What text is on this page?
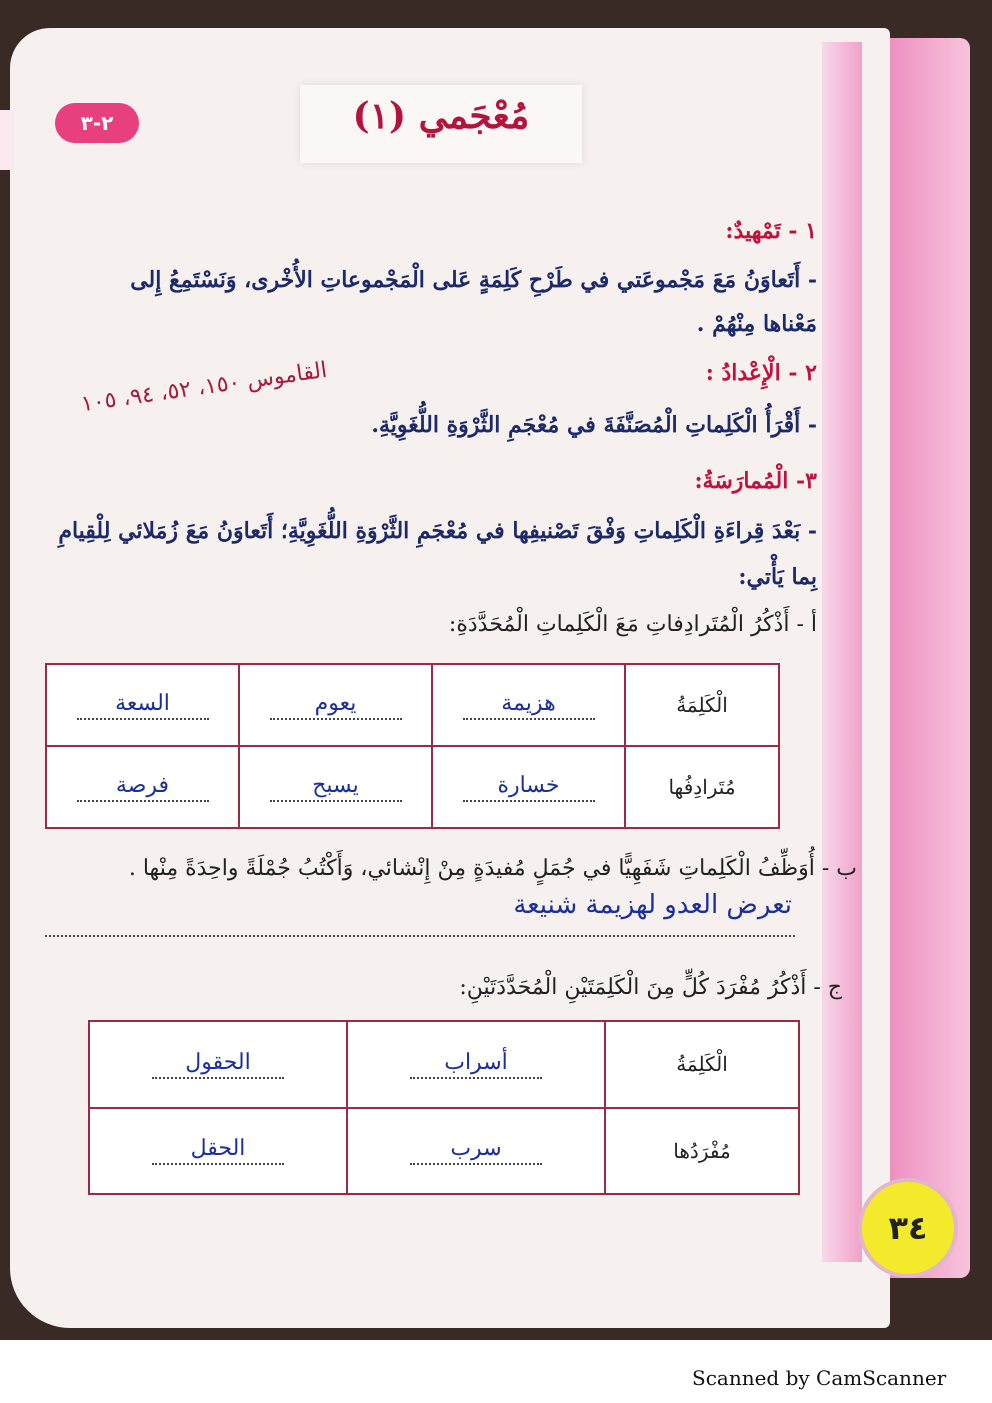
مُعْجَمي (١)
٢-٣
١ - تَمْهيدٌ:
- أَتَعاوَنُ مَعَ مَجْموعَتي في طَرْحِ كَلِمَةٍ عَلى الْمَجْموعاتِ الأُخْرى، وَنَسْتَمِعُ إِلى مَعْناها مِنْهُمْ .
٢ - الْإِعْدادُ :
القاموس ١٥٠، ٥٢، ٩٤، ١٠٥
- أَقْرَأُ الْكَلِماتِ الْمُصَنَّفَةَ في مُعْجَمِ الثَّرْوَةِ اللُّغَوِيَّةِ.
٣- الْمُمارَسَةُ:
- بَعْدَ قِراءَةِ الْكَلِماتِ وَفْقَ تَصْنيفِها في مُعْجَمِ الثَّرْوَةِ اللُّغَوِيَّةِ؛ أَتَعاوَنُ مَعَ زُمَلائي لِلْقِيامِ بِما يَأْتي:
أ - أَذْكُرُ الْمُتَرادِفاتِ مَعَ الْكَلِماتِ الْمُحَدَّدَةِ:
الْكَلِمَةُ	هزيمة	يعوم	السعة
مُتَرادِفُها	خسارة	يسبح	فرصة
ب - أُوَظِّفُ الْكَلِماتِ شَفَهِيًّا في جُمَلٍ مُفيدَةٍ مِنْ إِنْشائي، وَأَكْتُبُ جُمْلَةً واحِدَةً مِنْها .
تعرض العدو لهزيمة شنيعة
ج - أَذْكُرُ مُفْرَدَ كُلٍّ مِنَ الْكَلِمَتَيْنِ الْمُحَدَّدَتَيْنِ:
الْكَلِمَةُ	أسراب	الحقول
مُفْرَدُها	سرب	الحقل
٣٤
Scanned by CamScanner
